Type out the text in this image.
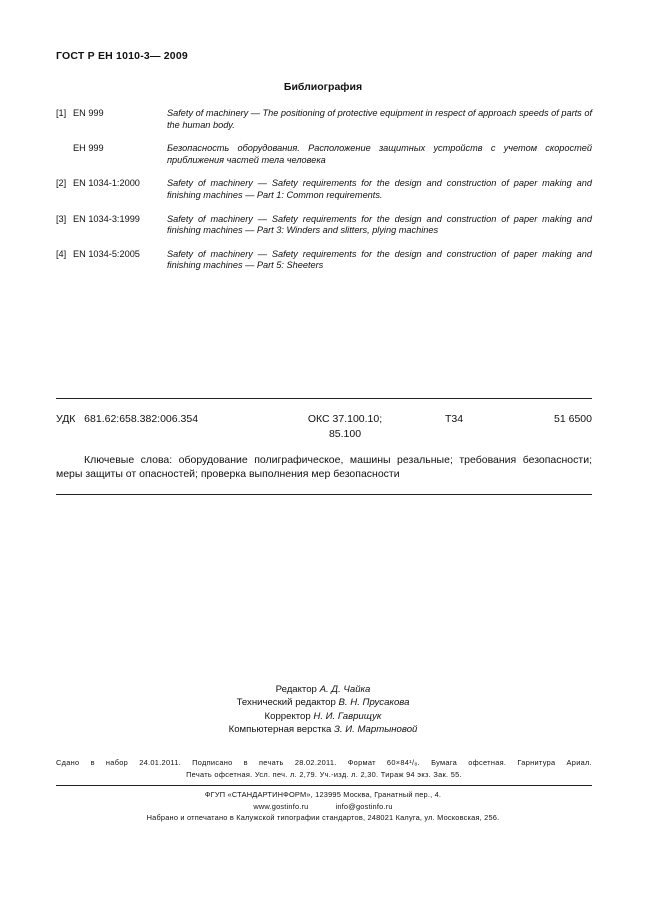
ГОСТ Р ЕН 1010-3— 2009
Библиография
[1] EN 999	Safety of machinery — The positioning of protective equipment in respect of approach speeds of parts of the human body.
EH 999	Безопасность оборудования. Расположение защитных устройств с учетом скоростей приближения частей тела человека
[2] EN 1034-1:2000	Safety of machinery — Safety requirements for the design and construction of paper making and finishing machines — Part 1: Common requirements.
[3] EN 1034-3:1999	Safety of machinery — Safety requirements for the design and construction of paper making and finishing machines — Part 3: Winders and slitters, plying machines
[4] EN 1034-5:2005	Safety of machinery — Safety requirements for the design and construction of paper making and finishing machines — Part 5: Sheeters
УДК   681.62:658.382:006.354	ОКС 37.100.10;
85.100
Т34	51 6500
Ключевые слова: оборудование полиграфическое, машины резальные; требования безопасности; меры защиты от опасностей; проверка выполнения мер безопасности
Редактор А. Д. Чайка
Технический редактор В. Н. Прусакова
Корректор Н. И. Гаврищук
Компьютерная верстка З. И. Мартыновой
Сдано в набор 24.01.2011. Подписано в печать 28.02.2011. Формат 60×84¹/₈. Бумага офсетная. Гарнитура Ариал.
Печать офсетная. Усл. печ. л. 2,79. Уч.-изд. л. 2,30. Тираж 94 экз. Зак. 55.
ФГУП «СТАНДАРТИНФОРМ», 123995 Москва, Гранатный пер., 4.
www.gostinfo.ru	info@gostinfo.ru
Набрано и отпечатано в Калужской типографии стандартов, 248021 Калуга, ул. Московская, 256.
